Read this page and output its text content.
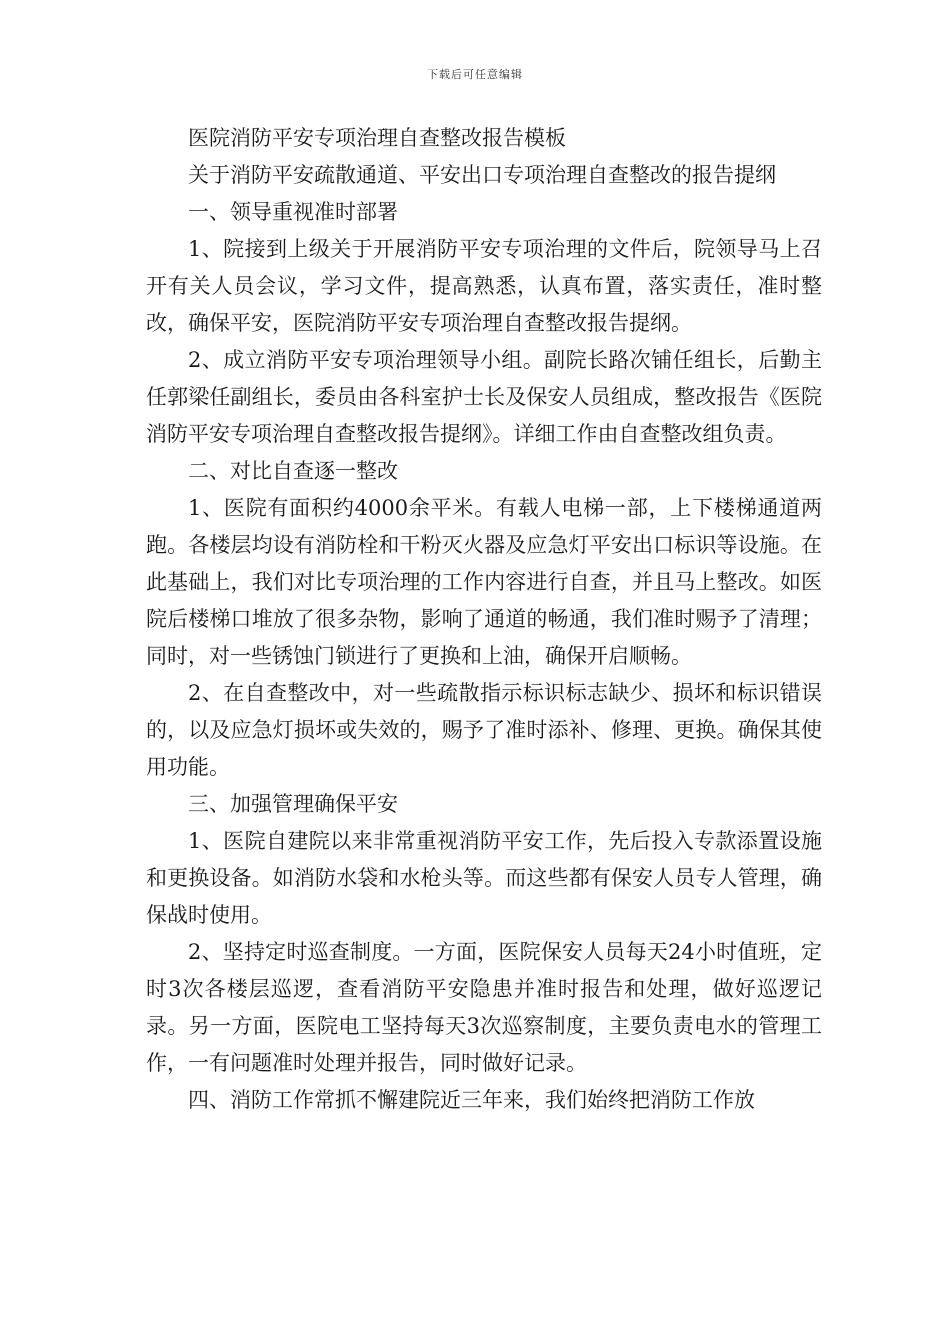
下载后可任意编辑

医院消防平安专项治理自查整改报告模板

关于消防平安疏散通道、平安出口专项治理自查整改的报告提纲

一、领导重视准时部署

1、院接到上级关于开展消防平安专项治理的文件后，院领导马上召开有关人员会议，学习文件，提高熟悉，认真布置，落实责任，准时整改，确保平安，医院消防平安专项治理自查整改报告提纲。

2、成立消防平安专项治理领导小组。副院长路次铺任组长，后勤主任郭梁任副组长，委员由各科室护士长及保安人员组成，整改报告《医院消防平安专项治理自查整改报告提纲》。详细工作由自查整改组负责。

二、对比自查逐一整改

1、医院有面积约4000余平米。有载人电梯一部，上下楼梯通道两跑。各楼层均设有消防栓和干粉灭火器及应急灯平安出口标识等设施。在此基础上，我们对比专项治理的工作内容进行自查，并且马上整改。如医院后楼梯口堆放了很多杂物，影响了通道的畅通，我们准时赐予了清理；同时，对一些锈蚀门锁进行了更换和上油，确保开启顺畅。

2、在自查整改中，对一些疏散指示标识标志缺少、损坏和标识错误的，以及应急灯损坏或失效的，赐予了准时添补、修理、更换。确保其使用功能。

三、加强管理确保平安

1、医院自建院以来非常重视消防平安工作，先后投入专款添置设施和更换设备。如消防水袋和水枪头等。而这些都有保安人员专人管理，确保战时使用。

2、坚持定时巡查制度。一方面，医院保安人员每天24小时值班，定时3次各楼层巡逻，查看消防平安隐患并准时报告和处理，做好巡逻记录。另一方面，医院电工坚持每天3次巡察制度，主要负责电水的管理工作，一有问题准时处理并报告，同时做好记录。

四、消防工作常抓不懈建院近三年来，我们始终把消防工作放
